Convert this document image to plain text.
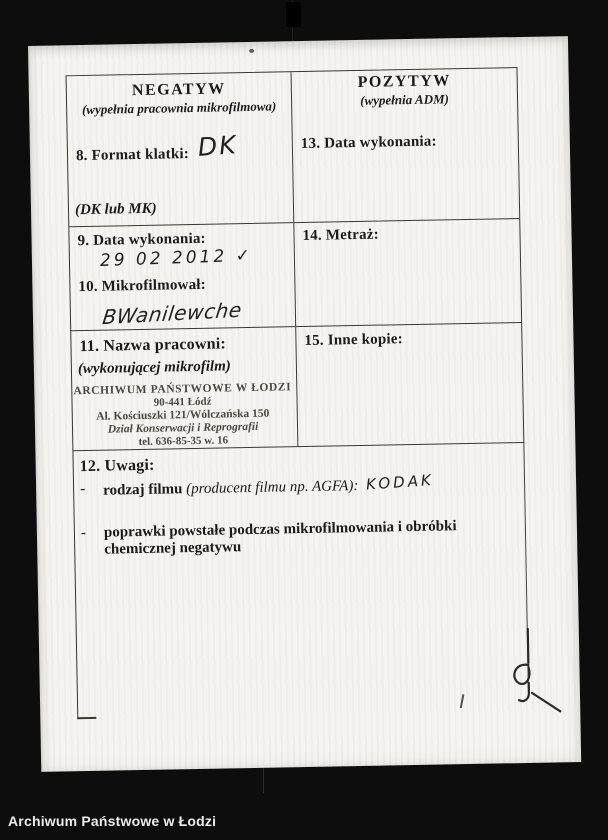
NEGATYW
(wypełnia pracownia mikrofilmowa)
8. Format klatki: DK
(DK lub MK)
POZYTYW
(wypełnia ADM)
13. Data wykonania:
9. Data wykonania:
29 02 2012 ✓
10. Mikrofilmował:
BWanilewche
14. Metraż:
11. Nazwa pracowni:
(wykonującej mikrofilm)
ARCHIWUM PAŃSTWOWE W ŁODZI
90-441 Łódź
Al. Kościuszki 121/Wólczańska 150
Dział Konserwacji i Reprografii
tel. 636-85-35 w. 16
15. Inne kopie:
12. Uwagi:
- rodzaj filmu (producent filmu np. AGFA): KODAK
- poprawki powstałe podczas mikrofilmowania i obróbki chemicznej negatywu
Archiwum Państwowe w Łodzi
